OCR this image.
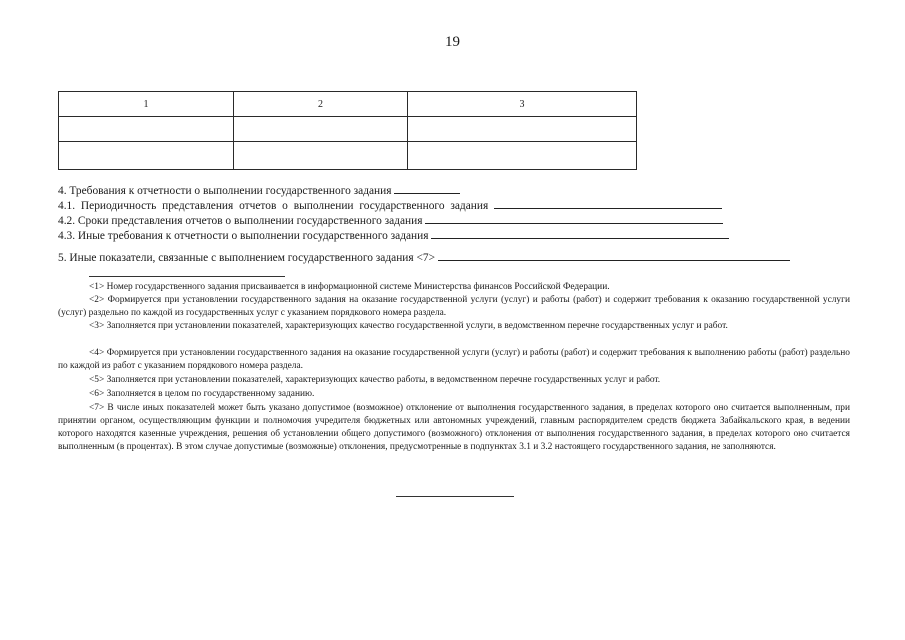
19
1	2	3

4. Требования к отчетности о выполнении государственного задания
4.1. Периодичность представления отчетов о выполнении государственного задания
4.2. Сроки представления отчетов о выполнении государственного задания
4.3. Иные требования к отчетности о выполнении государственного задания
5. Иные показатели, связанные с выполнением государственного задания <7>
<1> Номер государственного задания присваивается в информационной системе Министерства финансов Российской Федерации.
<2> Формируется при установлении государственного задания на оказание государственной услуги (услуг) и работы (работ) и содержит требования к оказанию государственной услуги (услуг) раздельно по каждой из государственных услуг с указанием порядкового номера раздела.
<3> Заполняется при установлении показателей, характеризующих качество государственной услуги, в ведомственном перечне государственных услуг и работ.
<4> Формируется при установлении государственного задания на оказание государственной услуги (услуг) и работы (работ) и содержит требования к выполнению работы (работ) раздельно по каждой из работ с указанием порядкового номера раздела.
<5> Заполняется при установлении показателей, характеризующих качество работы, в ведомственном перечне государственных услуг и работ.
<6> Заполняется в целом по государственному заданию.
<7> В числе иных показателей может быть указано допустимое (возможное) отклонение от выполнения государственного задания, в пределах которого оно считается выполненным, при принятии органом, осуществляющим функции и полномочия учредителя бюджетных или автономных учреждений, главным распорядителем средств бюджета Забайкальского края, в ведении которого находятся казенные учреждения, решения об установлении общего допустимого (возможного) отклонения от выполнения государственного задания, в пределах которого оно считается выполненным (в процентах). В этом случае допустимые (возможные) отклонения, предусмотренные в подпунктах 3.1 и 3.2 настоящего государственного задания, не заполняются.
